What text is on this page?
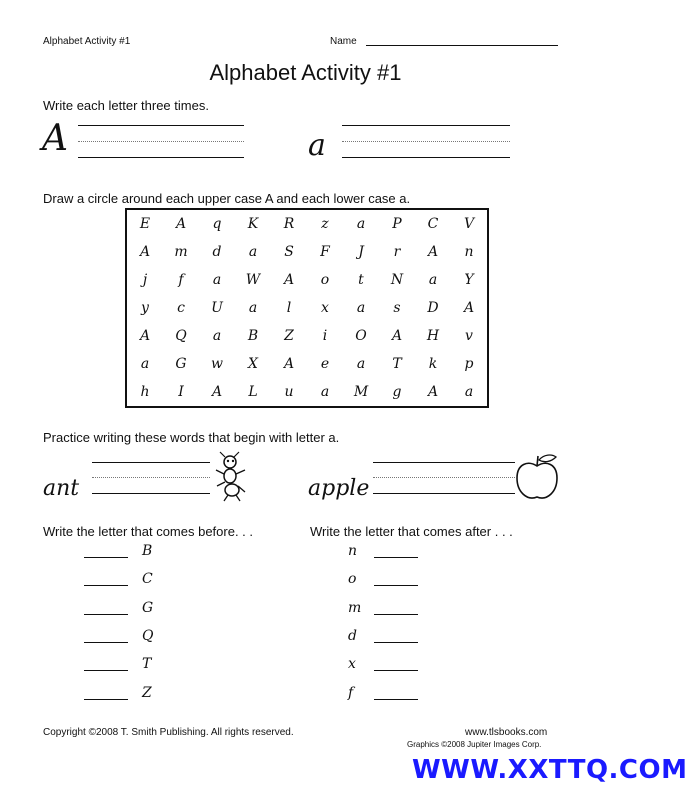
Alphabet Activity #1	Name
Alphabet Activity #1
Write each letter three times.
A	a
Draw a circle around each upper case A and each lower case a.
E	A	q	K	R	z	a	P	C	V
A	m	d	a	S	F	J	r	A	n
j	f	a	W	A	o	t	N	a	Y
y	c	U	a	l	x	a	s	D	A
A	Q	a	B	Z	i	O	A	H	v
a	G	w	X	A	e	a	T	k	p
h	I	A	L	u	a	M	g	A	a
Practice writing these words that begin with letter a.
ant	apple
Write the letter that comes before. . .	Write the letter that comes after . . .
B
C
G
Q
T
Z
n
o
m
d
x
f
Copyright ©2008 T. Smith Publishing. All rights reserved.	www.tlsbooks.com
Graphics ©2008 Jupiter Images Corp.
WWW.XXTTQ.COM
